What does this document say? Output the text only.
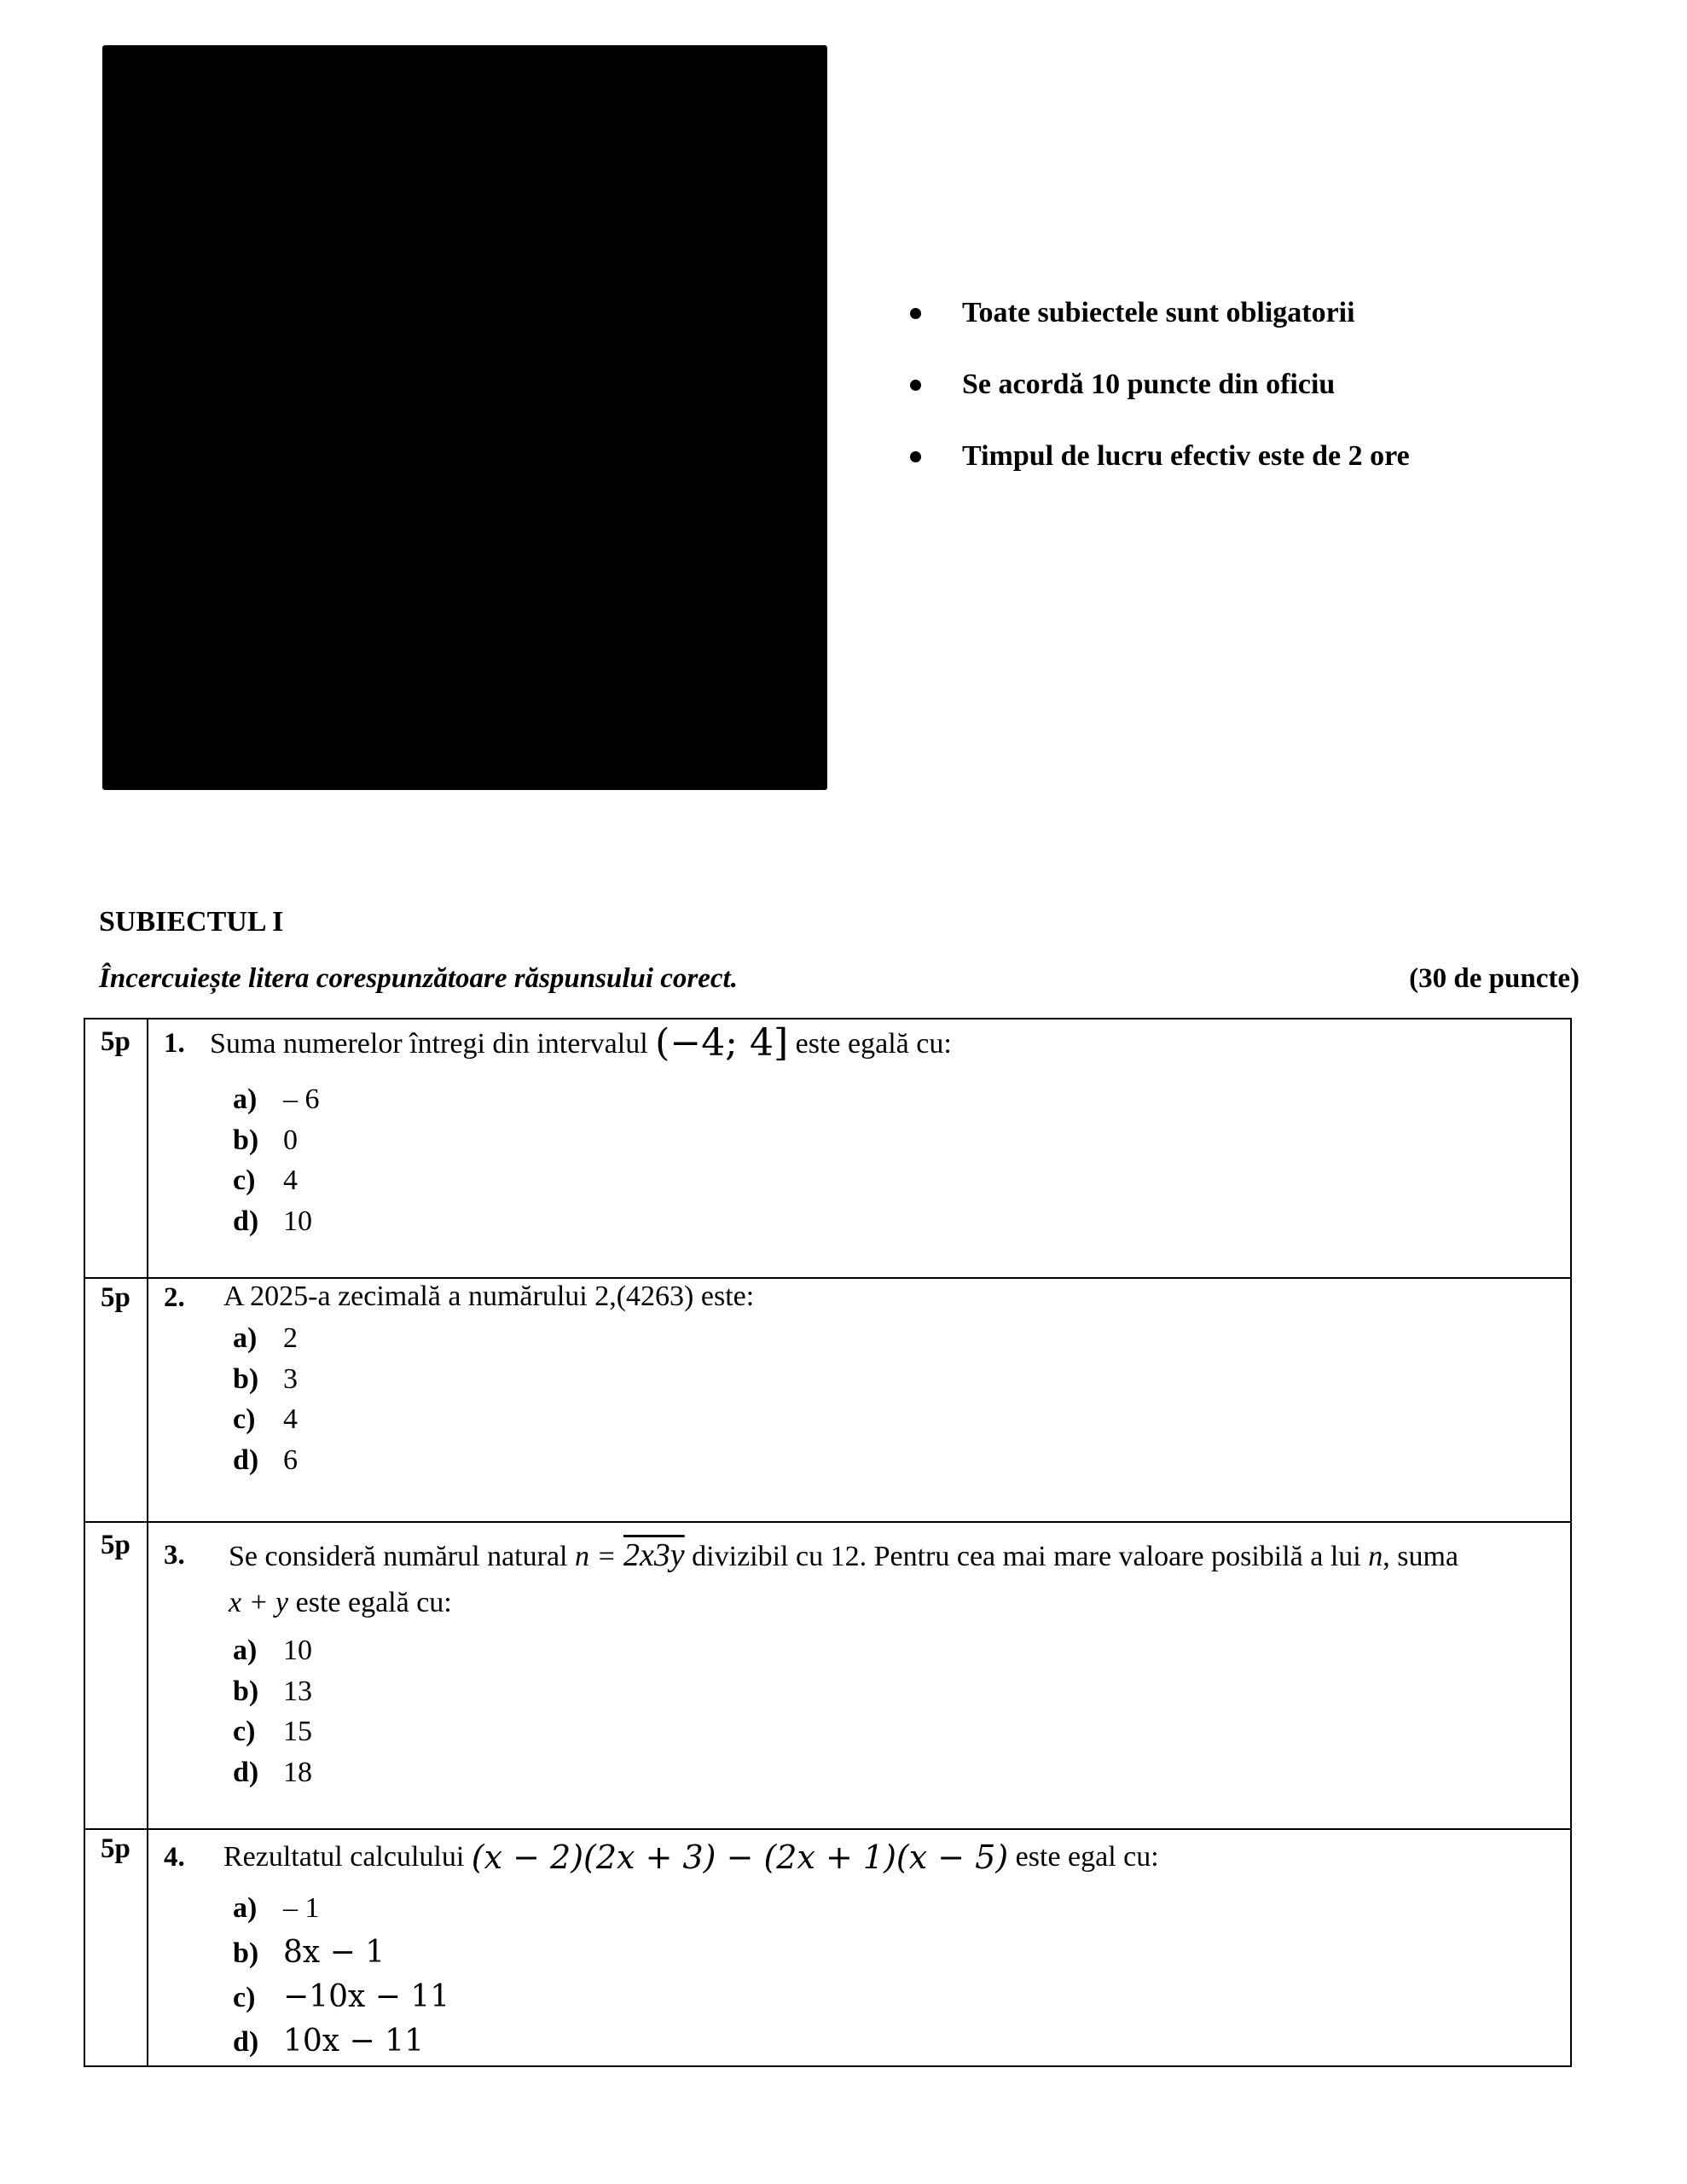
Toate subiectele sunt obligatorii
Se acordă 10 puncte din oficiu
Timpul de lucru efectiv este de 2 ore
SUBIECTUL I

Încercuiește litera corespunzătoare răspunsului corect.	(30 de puncte)

5p 1. Suma numerelor întregi din intervalul (−4; 4] este egală cu:
a) – 6
b) 0
c) 4
d) 10
5p 2. A 2025-a zecimală a numărului 2,(4263) este:
a) 2
b) 3
c) 4
d) 6
5p 3. Se consideră numărul natural n = 2x3y divizibil cu 12. Pentru cea mai mare valoare posibilă a lui n, suma
x + y este egală cu:
a) 10
b) 13
c) 15
d) 18
5p 4. Rezultatul calculului (x − 2)(2x + 3) − (2x + 1)(x − 5) este egal cu:
a) – 1
b) 8x − 1
c) −10x − 11
d) 10x − 11
